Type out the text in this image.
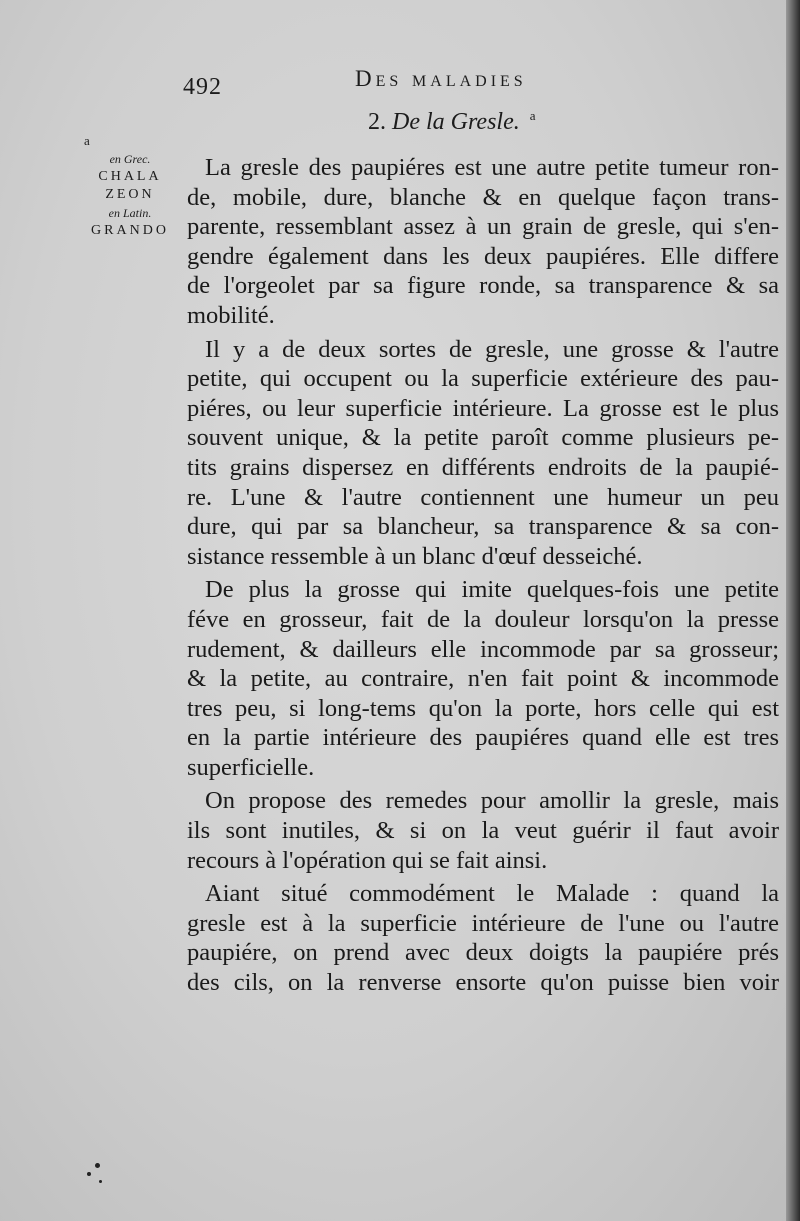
492	Des maladies
2. De la Gresle. $^a$
a
en Grec.
CHALAZEON
en Latin.
GRANDO
La gresle des paupiéres est une autre petite tumeur ron-
de, mobile, dure, blanche & en quelque façon trans-
parente, ressemblant assez à un grain de gresle, qui s'en-
gendre également dans les deux paupiéres. Elle differe
de l'orgeolet par sa figure ronde, sa transparence & sa
mobilité.
Il y a de deux sortes de gresle, une grosse & l'autre
petite, qui occupent ou la superficie extérieure des pau-
piéres, ou leur superficie intérieure. La grosse est le plus
souvent unique, & la petite paroît comme plusieurs pe-
tits grains dispersez en différents endroits de la paupié-
re. L'une & l'autre contiennent une humeur un peu
dure, qui par sa blancheur, sa transparence & sa con-
sistance ressemble à un blanc d'œuf desseiché.
De plus la grosse qui imite quelques-fois une petite
féve en grosseur, fait de la douleur lorsqu'on la presse
rudement, & dailleurs elle incommode par sa grosseur;
& la petite, au contraire, n'en fait point & incommode
tres peu, si long-tems qu'on la porte, hors celle qui est
en la partie intérieure des paupiéres quand elle est tres
superficielle.
On propose des remedes pour amollir la gresle, mais
ils sont inutiles, & si on la veut guérir il faut avoir
recours à l'opération qui se fait ainsi.
Aiant situé commodément le Malade : quand la
gresle est à la superficie intérieure de l'une ou l'autre
paupiére, on prend avec deux doigts la paupiére prés
des cils, on la renverse ensorte qu'on puisse bien voir
